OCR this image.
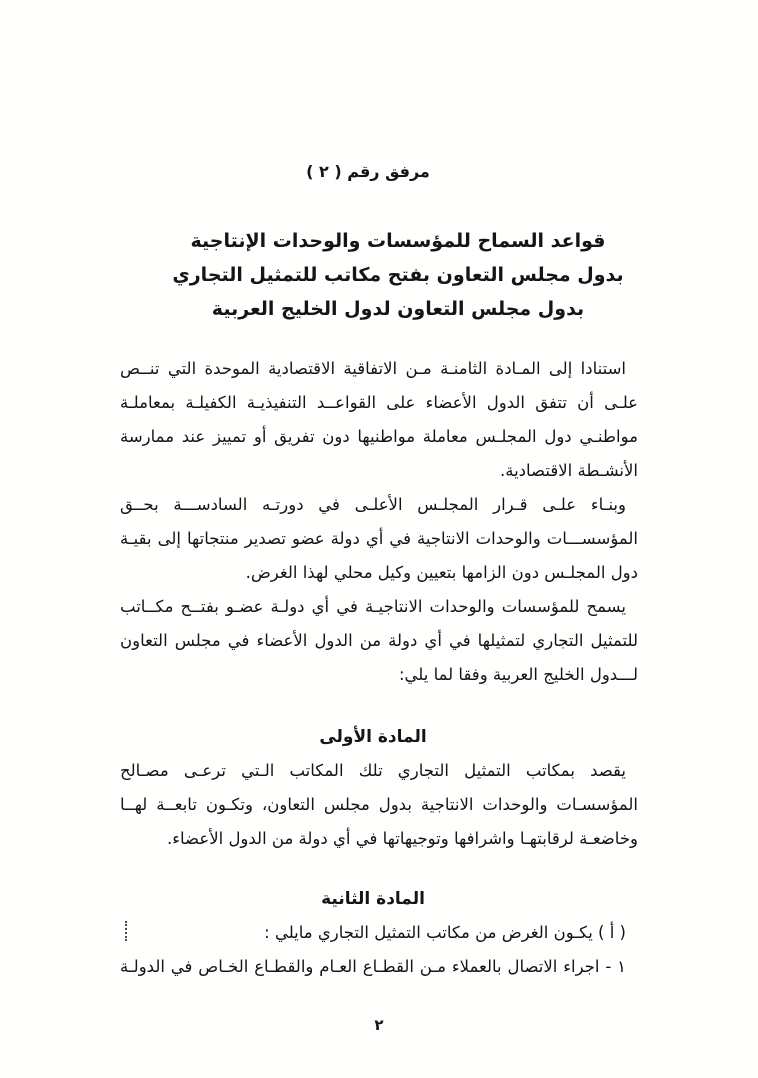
مرفق رقم ( ٢ )
قواعد السماح للمؤسسات والوحدات الإنتاجية
بدول مجلس التعاون بفتح مكاتب للتمثيل التجاري
بدول مجلس التعاون لدول الخليج العربية

استنادا إلى المـادة الثامنـة مـن الاتفاقية الاقتصادية الموحدة التي تنــص علـى أن تتفق الدول الأعضاء على القواعــد التنفيذيـة الكفيلـة بمعاملـة مواطنـي دول المجلـس معاملة مواطنيها دون تفريق أو تمييز عند ممارسة الأنشـطة الاقتصادية.

وبنـاء علـى قـرار المجلـس الأعلـى في دورتـه السادســـة بحــق المؤسســـات والوحدات الانتاجية في أي دولة عضو تصدير منتجاتها إلى بقيـة دول المجلـس دون الزامها بتعيين وكيل محلي لهذا الغرض.

يسمح للمؤسسات والوحدات الانتاجيـة في أي دولـة عضـو بفتــح مكــاتب للتمثيل التجاري لتمثيلها في أي دولة من الدول الأعضاء في مجلس التعاون لـــدول الخليج العربية وفقا لما يلي:

المادة الأولى

يقصد بمكاتب التمثيل التجاري تلك المكاتب الـتي ترعـى مصـالح المؤسسـات والوحدات الانتاجية بدول مجلس التعاون، وتكـون تابعــة لهــا وخاضعـة لرقابتهـا واشرافها وتوجيهاتها في أي دولة من الدول الأعضاء.

المادة الثانية

( أ ) يكـون الغرض من مكاتب التمثيل التجاري مايلي :

١ - اجراء الاتصال بالعملاء مـن القطـاع العـام والقطـاع الخـاص في الدولـة

٢
